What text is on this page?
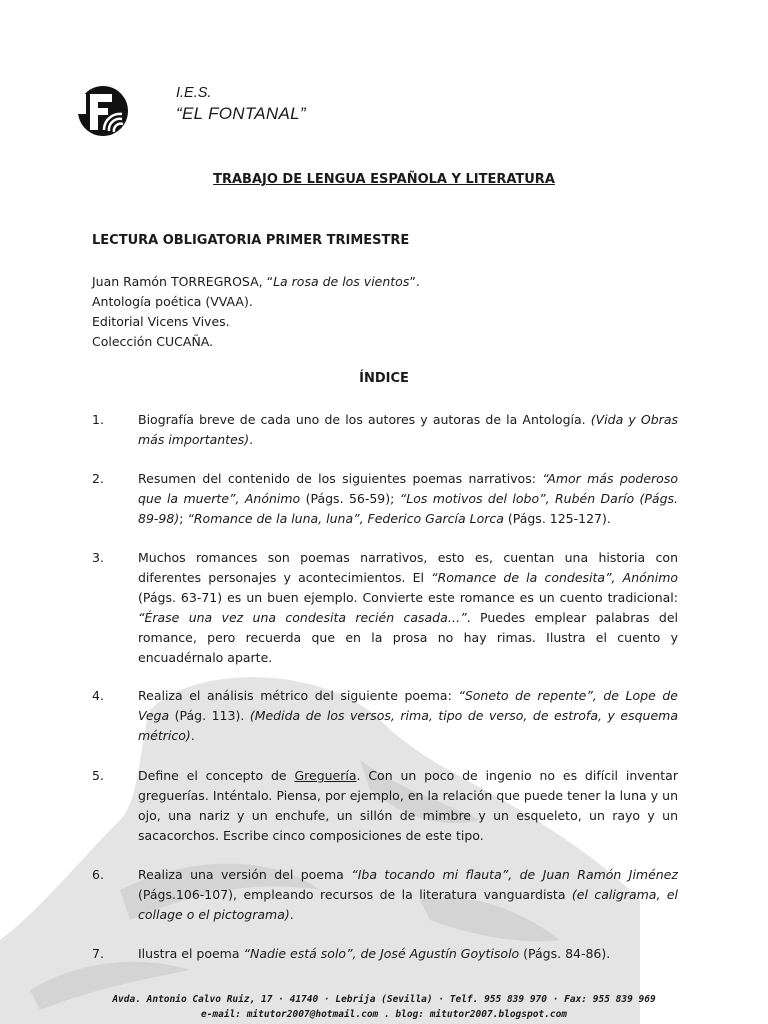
I.E.S.
“EL FONTANAL”
TRABAJO DE LENGUA ESPAÑOLA Y LITERATURA
LECTURA OBLIGATORIA PRIMER TRIMESTRE
Juan Ramón TORREGROSA, “La rosa de los vientos”.
Antología poética (VVAA).
Editorial Vicens Vives.
Colección CUCAÑA.
ÍNDICE
1.	Biografía breve de cada uno de los autores y autoras de la Antología. (Vida y Obras más importantes).
2.	Resumen del contenido de los siguientes poemas narrativos: “Amor más poderoso que la muerte”, Anónimo (Págs. 56-59); “Los motivos del lobo”, Rubén Darío (Págs. 89-98); “Romance de la luna, luna”, Federico García Lorca (Págs. 125-127).
3.	Muchos romances son poemas narrativos, esto es, cuentan una historia con diferentes personajes y acontecimientos. El “Romance de la condesita”, Anónimo (Págs. 63-71) es un buen ejemplo. Convierte este romance es un cuento tradicional: “Érase una vez una condesita recién casada…”. Puedes emplear palabras del romance, pero recuerda que en la prosa no hay rimas. Ilustra el cuento y encuadérnalo aparte.
4.	Realiza el análisis métrico del siguiente poema: “Soneto de repente”, de Lope de Vega (Pág. 113). (Medida de los versos, rima, tipo de verso, de estrofa, y esquema métrico).
5.	Define el concepto de Greguería. Con un poco de ingenio no es difícil inventar greguerías. Inténtalo. Piensa, por ejemplo, en la relación que puede tener la luna y un ojo, una nariz y un enchufe, un sillón de mimbre y un esqueleto, un rayo y un sacacorchos. Escribe cinco composiciones de este tipo.
6.	Realiza una versión del poema “Iba tocando mi flauta”, de Juan Ramón Jiménez (Págs.106-107), empleando recursos de la literatura vanguardista (el caligrama, el collage o el pictograma).
7.	Ilustra el poema “Nadie está solo”, de José Agustín Goytisolo (Págs. 84-86).
Avda. Antonio Calvo Ruiz, 17 · 41740 · Lebrija (Sevilla) · Telf. 955 839 970 · Fax: 955 839 969
e-mail: mitutor2007@hotmail.com . blog: mitutor2007.blogspot.com
